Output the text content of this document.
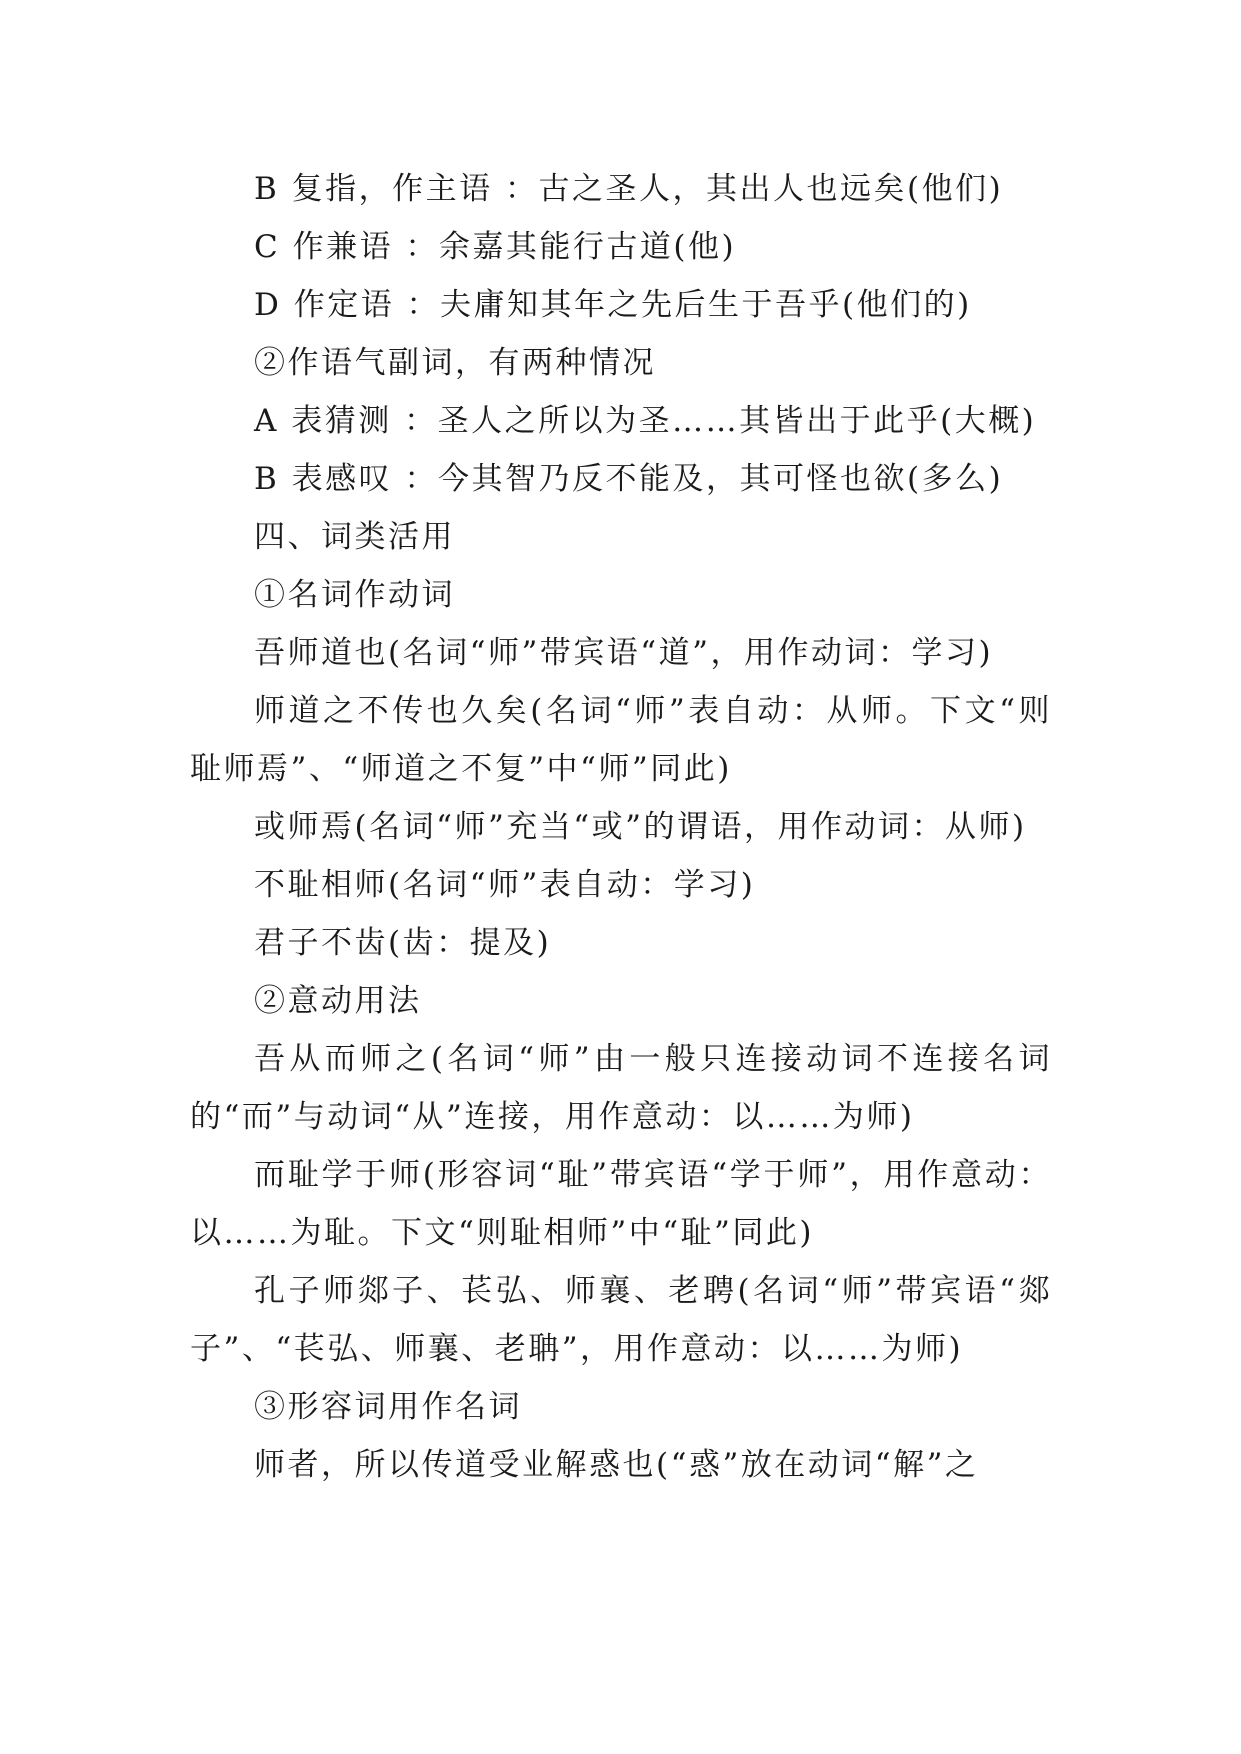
B 复指，作主语 ：古之圣人，其出人也远矣(他们)

C 作兼语 ：余嘉其能行古道(他)

D 作定语 ：夫庸知其年之先后生于吾乎(他们的)

②作语气副词，有两种情况

A 表猜测 ：圣人之所以为圣……其皆出于此乎(大概)

B 表感叹 ：今其智乃反不能及，其可怪也欲(多么)

四、词类活用

①名词作动词

吾师道也(名词“师”带宾语“道”，用作动词：学习)

师道之不传也久矣(名词“师”表自动：从师。下文“则耻师焉”、“师道之不复”中“师”同此)

或师焉(名词“师”充当“或”的谓语，用作动词：从师)

不耻相师(名词“师”表自动：学习)

君子不齿(齿：提及)

②意动用法

吾从而师之(名词“师”由一般只连接动词不连接名词的“而”与动词“从”连接，用作意动：以……为师)

而耻学于师(形容词“耻”带宾语“学于师”，用作意动：以……为耻。下文“则耻相师”中“耻”同此)

孔子师郯子、苌弘、师襄、老聘(名词“师”带宾语“郯子”、“苌弘、师襄、老聃”，用作意动：以……为师)

③形容词用作名词

师者，所以传道受业解惑也(“惑”放在动词“解”之
